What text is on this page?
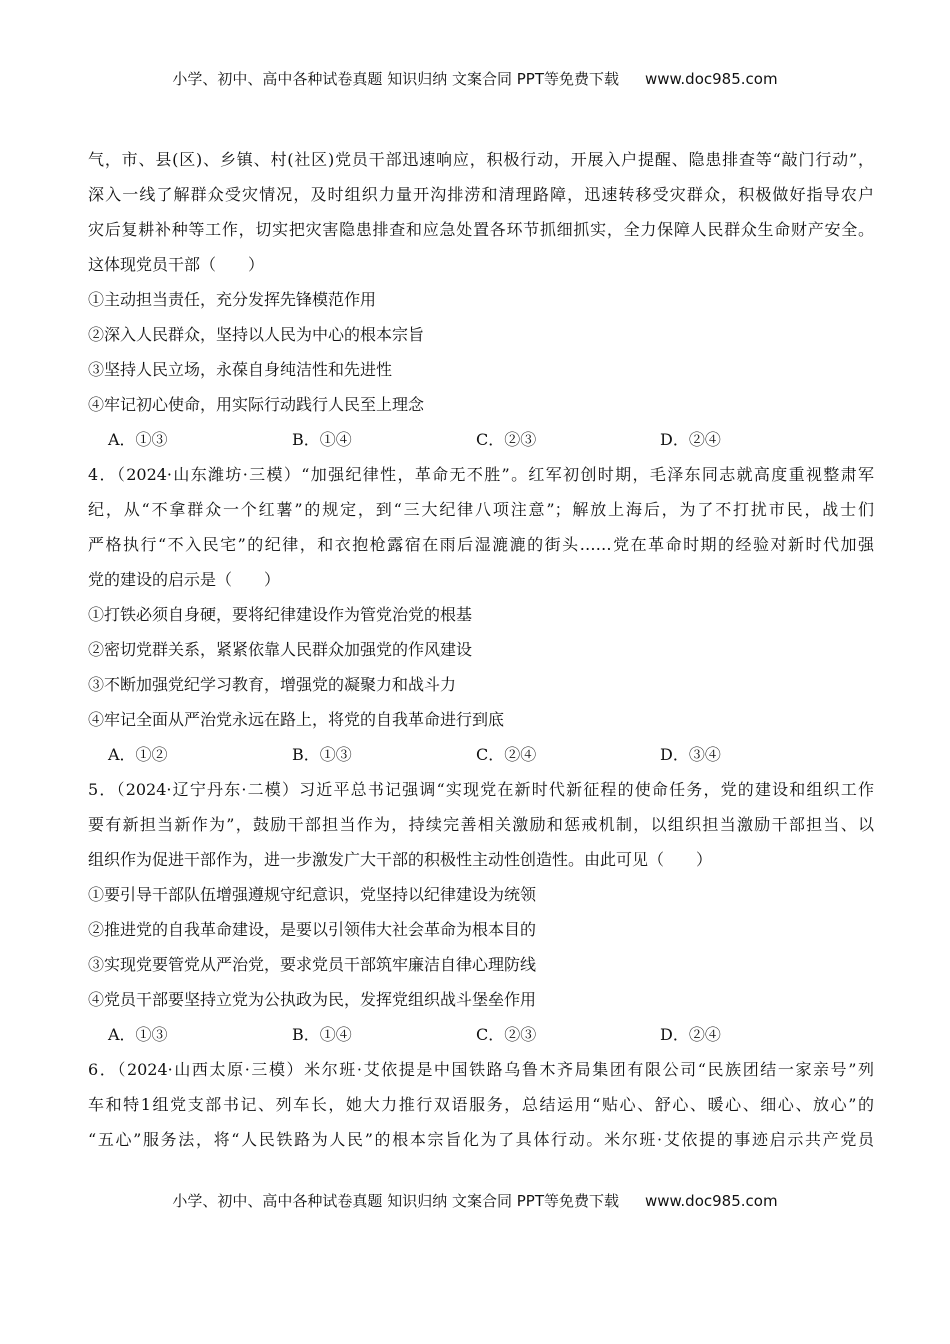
小学、初中、高中各种试卷真题 知识归纳 文案合同 PPT等免费下载 www.doc985.com
气，市、县(区)、乡镇、村(社区)党员干部迅速响应，积极行动，开展入户提醒、隐患排查等“敲门行动”，
深入一线了解群众受灾情况，及时组织力量开沟排涝和清理路障，迅速转移受灾群众，积极做好指导农户
灾后复耕补种等工作，切实把灾害隐患排查和应急处置各环节抓细抓实，全力保障人民群众生命财产安全。
这体现党员干部（　　）
①主动担当责任，充分发挥先锋模范作用
②深入人民群众，坚持以人民为中心的根本宗旨
③坚持人民立场，永葆自身纯洁性和先进性
④牢记初心使命，用实际行动践行人民至上理念
A．①③	B．①④	C．②③	D．②④
4．（2024·山东潍坊·三模）“加强纪律性，革命无不胜”。红军初创时期，毛泽东同志就高度重视整肃军
纪，从“不拿群众一个红薯”的规定，到“三大纪律八项注意”；解放上海后，为了不打扰市民，战士们
严格执行“不入民宅”的纪律，和衣抱枪露宿在雨后湿漉漉的街头……党在革命时期的经验对新时代加强
党的建设的启示是（　　）
①打铁必须自身硬，要将纪律建设作为管党治党的根基
②密切党群关系，紧紧依靠人民群众加强党的作风建设
③不断加强党纪学习教育，增强党的凝聚力和战斗力
④牢记全面从严治党永远在路上，将党的自我革命进行到底
A．①②	B．①③	C．②④	D．③④
5．（2024·辽宁丹东·二模）习近平总书记强调“实现党在新时代新征程的使命任务，党的建设和组织工作
要有新担当新作为”，鼓励干部担当作为，持续完善相关激励和惩戒机制，以组织担当激励干部担当、以
组织作为促进干部作为，进一步激发广大干部的积极性主动性创造性。由此可见（　　）
①要引导干部队伍增强遵规守纪意识，党坚持以纪律建设为统领
②推进党的自我革命建设，是要以引领伟大社会革命为根本目的
③实现党要管党从严治党，要求党员干部筑牢廉洁自律心理防线
④党员干部要坚持立党为公执政为民，发挥党组织战斗堡垒作用
A．①③	B．①④	C．②③	D．②④
6．（2024·山西太原·三模）米尔班·艾依提是中国铁路乌鲁木齐局集团有限公司“民族团结一家亲号”列
车和特1组党支部书记、列车长，她大力推行双语服务，总结运用“贴心、舒心、暖心、细心、放心”的
“五心”服务法，将“人民铁路为人民”的根本宗旨化为了具体行动。米尔班·艾依提的事迹启示共产党员
小学、初中、高中各种试卷真题 知识归纳 文案合同 PPT等免费下载 www.doc985.com
